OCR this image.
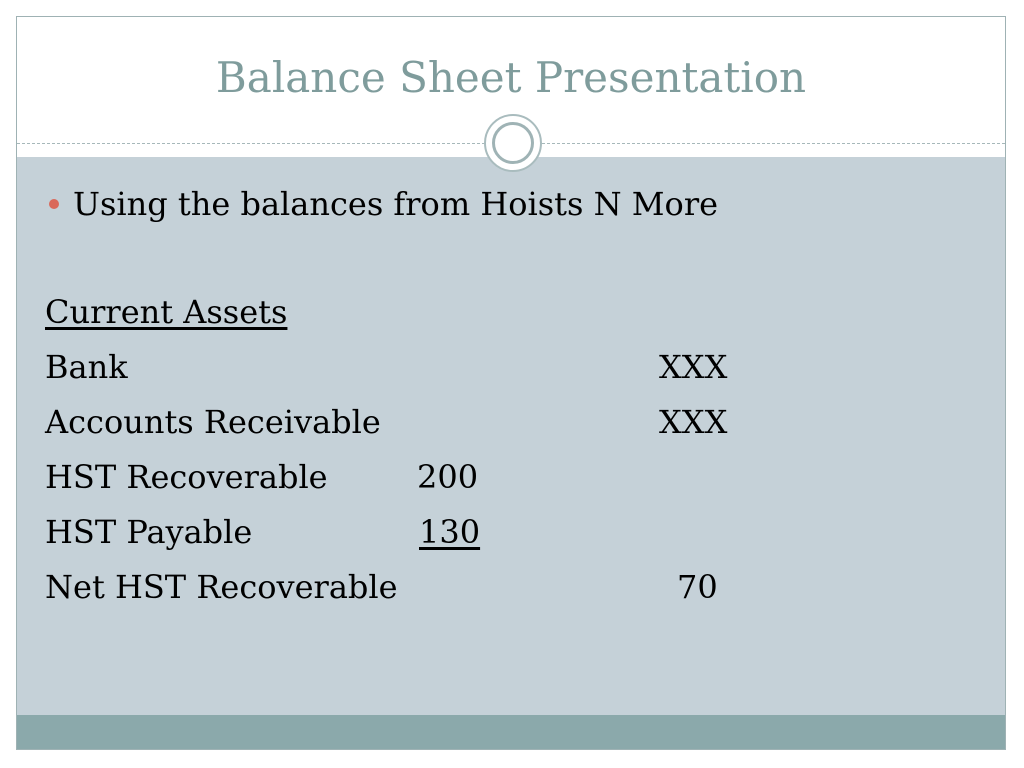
Balance Sheet Presentation
Using the balances from Hoists N More
Current Assets
Bank	XXX
Accounts Receivable	XXX
HST Recoverable	200
HST Payable	130
Net HST Recoverable	70
